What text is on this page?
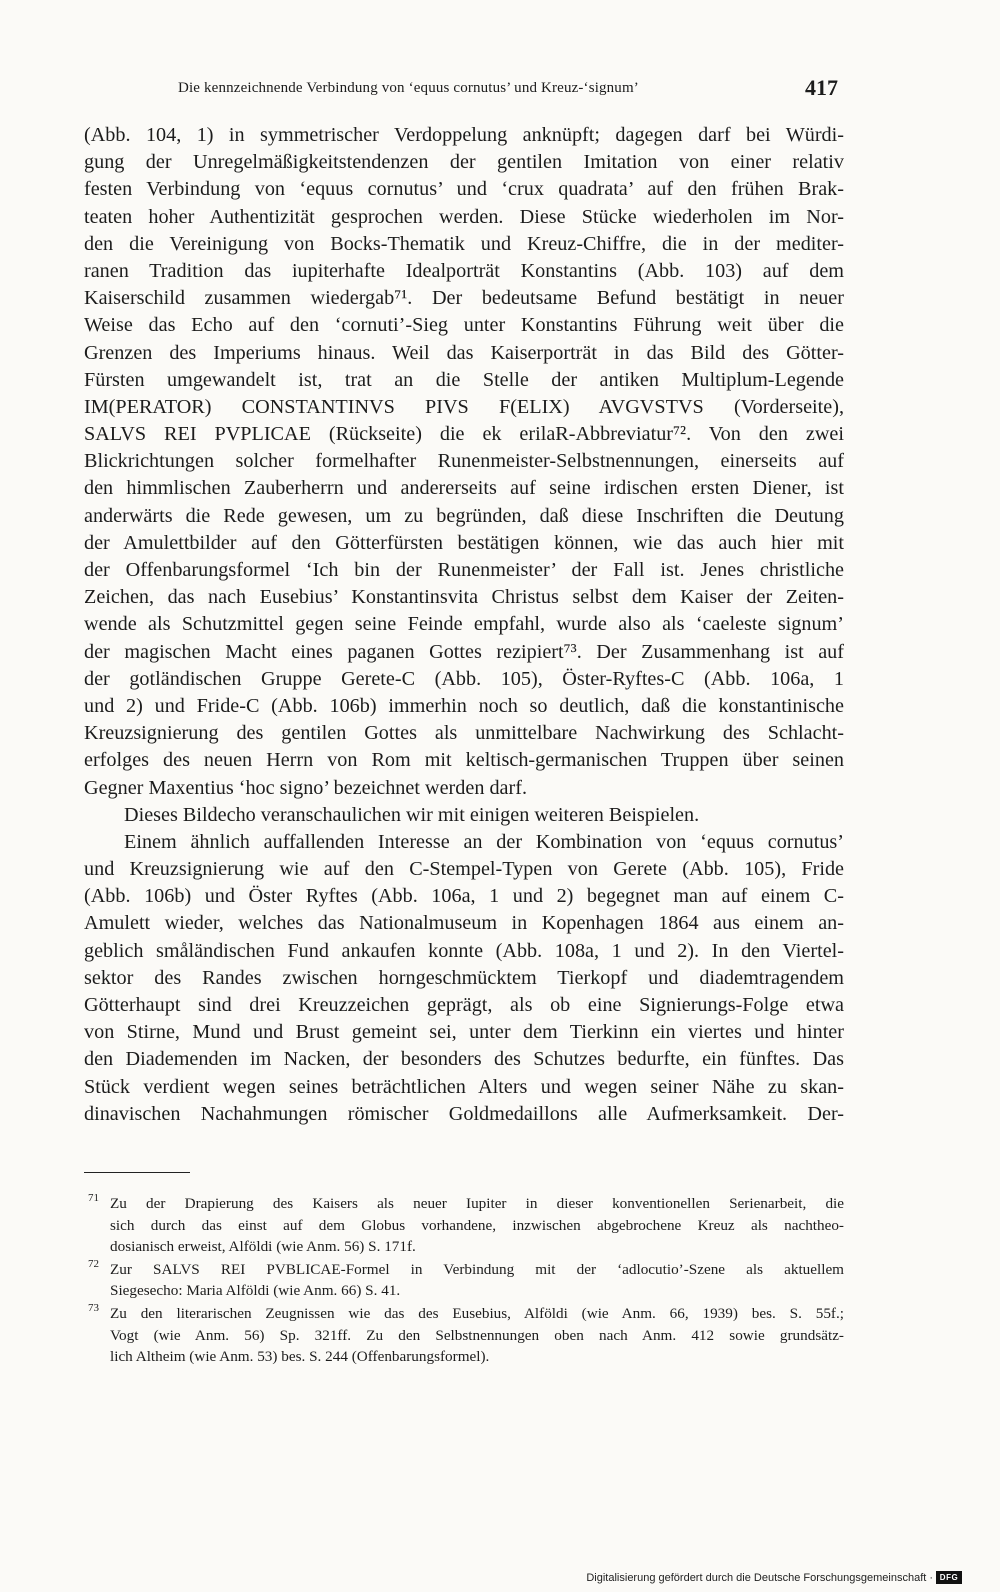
Die kennzeichnende Verbindung von ‘equus cornutus’ und Kreuz-‘signum’	417
(Abb. 104, 1) in symmetrischer Verdoppelung anknüpft; dagegen darf bei Würdi-
gung der Unregelmäßigkeitstendenzen der gentilen Imitation von einer relativ
festen Verbindung von ‘equus cornutus’ und ‘crux quadrata’ auf den frühen Brak-
teaten hoher Authentizität gesprochen werden. Diese Stücke wiederholen im Nor-
den die Vereinigung von Bocks-Thematik und Kreuz-Chiffre, die in der mediter-
ranen Tradition das iupiterhafte Idealporträt Konstantins (Abb. 103) auf dem
Kaiserschild zusammen wiedergab⁷¹. Der bedeutsame Befund bestätigt in neuer
Weise das Echo auf den ‘cornuti’-Sieg unter Konstantins Führung weit über die
Grenzen des Imperiums hinaus. Weil das Kaiserporträt in das Bild des Götter-
Fürsten umgewandelt ist, trat an die Stelle der antiken Multiplum-Legende
IM(PERATOR) CONSTANTINVS PIVS F(ELIX) AVGVSTVS (Vorderseite),
SALVS REI PVPLICAE (Rückseite) die ek erilaR-Abbreviatur⁷². Von den zwei
Blickrichtungen solcher formelhafter Runenmeister-Selbstnennungen, einerseits auf
den himmlischen Zauberherrn und andererseits auf seine irdischen ersten Diener, ist
anderwärts die Rede gewesen, um zu begründen, daß diese Inschriften die Deutung
der Amulettbilder auf den Götterfürsten bestätigen können, wie das auch hier mit
der Offenbarungsformel ‘Ich bin der Runenmeister’ der Fall ist. Jenes christliche
Zeichen, das nach Eusebius’ Konstantinsvita Christus selbst dem Kaiser der Zeiten-
wende als Schutzmittel gegen seine Feinde empfahl, wurde also als ‘caeleste signum’
der magischen Macht eines paganen Gottes rezipiert⁷³. Der Zusammenhang ist auf
der gotländischen Gruppe Gerete-C (Abb. 105), Öster-Ryftes-C (Abb. 106a, 1
und 2) und Fride-C (Abb. 106b) immerhin noch so deutlich, daß die konstantinische
Kreuzsignierung des gentilen Gottes als unmittelbare Nachwirkung des Schlacht-
erfolges des neuen Herrn von Rom mit keltisch-germanischen Truppen über seinen
Gegner Maxentius ‘hoc signo’ bezeichnet werden darf.
Dieses Bildecho veranschaulichen wir mit einigen weiteren Beispielen.
Einem ähnlich auffallenden Interesse an der Kombination von ‘equus cornutus’
und Kreuzsignierung wie auf den C-Stempel-Typen von Gerete (Abb. 105), Fride
(Abb. 106b) und Öster Ryftes (Abb. 106a, 1 und 2) begegnet man auf einem C-
Amulett wieder, welches das Nationalmuseum in Kopenhagen 1864 aus einem an-
geblich småländischen Fund ankaufen konnte (Abb. 108a, 1 und 2). In den Viertel-
sektor des Randes zwischen horngeschmücktem Tierkopf und diademtragendem
Götterhaupt sind drei Kreuzzeichen geprägt, als ob eine Signierungs-Folge etwa
von Stirne, Mund und Brust gemeint sei, unter dem Tierkinn ein viertes und hinter
den Diademenden im Nacken, der besonders des Schutzes bedurfte, ein fünftes. Das
Stück verdient wegen seines beträchtlichen Alters und wegen seiner Nähe zu skan-
dinavischen Nachahmungen römischer Goldmedaillons alle Aufmerksamkeit. Der-
71 Zu der Drapierung des Kaisers als neuer Iupiter in dieser konventionellen Serienarbeit, die
sich durch das einst auf dem Globus vorhandene, inzwischen abgebrochene Kreuz als nachtheo-
dosianisch erweist, Alföldi (wie Anm. 56) S. 171f.
72 Zur SALVS REI PVBLICAE-Formel in Verbindung mit der ‘adlocutio’-Szene als aktuellem
Siegesecho: Maria Alföldi (wie Anm. 66) S. 41.
73 Zu den literarischen Zeugnissen wie das des Eusebius, Alföldi (wie Anm. 66, 1939) bes. S. 55f.;
Vogt (wie Anm. 56) Sp. 321ff. Zu den Selbstnennungen oben nach Anm. 412 sowie grundsätz-
lich Altheim (wie Anm. 53) bes. S. 244 (Offenbarungsformel).
Digitalisierung gefördert durch die Deutsche Forschungsgemeinschaft · DFG
